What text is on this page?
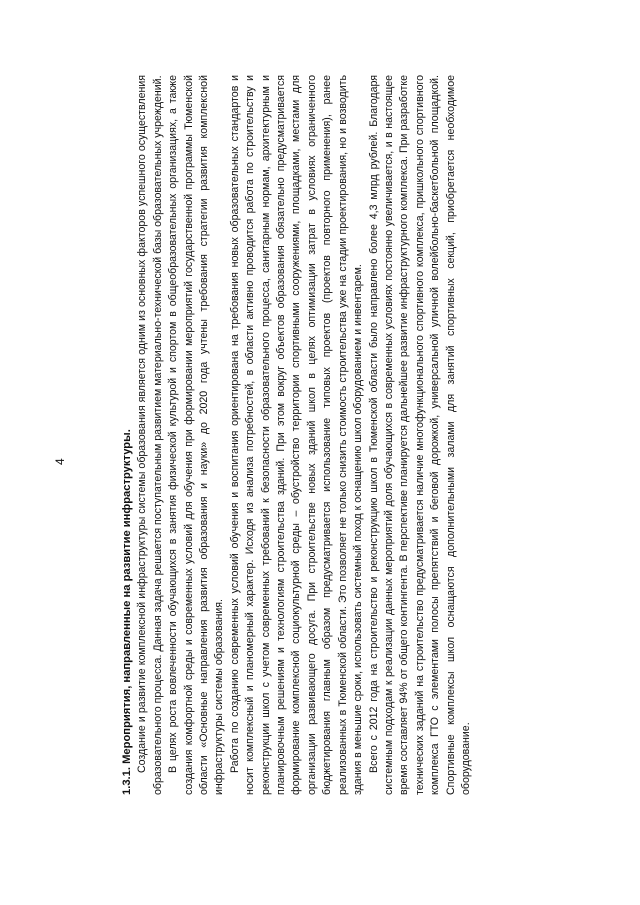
4	1.3.1. Мероприятия, направленные на развитие инфраструктуры. Создание и развитие комплексной инфраструктуры системы образования является одним из основных факторов успешного осуществления образовательного процесса. Данная задача решается поступательным развитием материально-технической базы образовательных учреждений. В целях роста вовлеченности обучающихся в занятия физической культурой и спортом в общеобразовательных организациях, а также создания комфортной среды и современных условий для обучения при формировании мероприятий государственной программы Тюменской области «Основные направления развития образования и науки» до 2020 года учтены требования стратегии развития комплексной инфраструктуры системы образования. Работа по созданию современных условий обучения и воспитания ориентирована на требования новых образовательных стандартов и носит комплексный и планомерный характер. Исходя из анализа потребностей, в области активно проводится работа по строительству и реконструкции школ с учетом современных требований к безопасности образовательного процесса, санитарным нормам, архитектурным и планировочным решениям и технологиям строительства зданий. При этом вокруг объектов образования обязательно предусматривается формирование комплексной социокультурной среды – обустройство территории спортивными сооружениями, площадками, местами для организации развивающего досуга. При строительстве новых зданий школ в целях оптимизации затрат в условиях ограниченного бюджетирования главным образом предусматривается использование типовых проектов (проектов повторного применения), ранее реализованных в Тюменской области. Это позволяет не только снизить стоимость строительства уже на стадии проектирования, но и возводить здания в меньшие сроки, использовать системный поход к оснащению школ оборудованием и инвентарем. Всего с 2012 года на строительство и реконструкцию школ в Тюменской области было направлено более 4,3 млрд рублей. Благодаря системным подходам к реализации данных мероприятий доля обучающихся в современных условиях постоянно увеличивается, и в настоящее время составляет 94% от общего контингента. В перспективе планируется дальнейшее развитие инфраструктурного комплекса. При разработке технических заданий на строительство предусматривается наличие многофункционального спортивного комплекса, пришкольного спортивного комплекса ГТО с элементами полосы препятствий и беговой дорожкой, универсальной уличной волейбольно-баскетбольной площадкой. Спортивные комплексы школ оснащаются дополнительными залами для занятий спортивных секций, приобретается необходимое оборудование.
